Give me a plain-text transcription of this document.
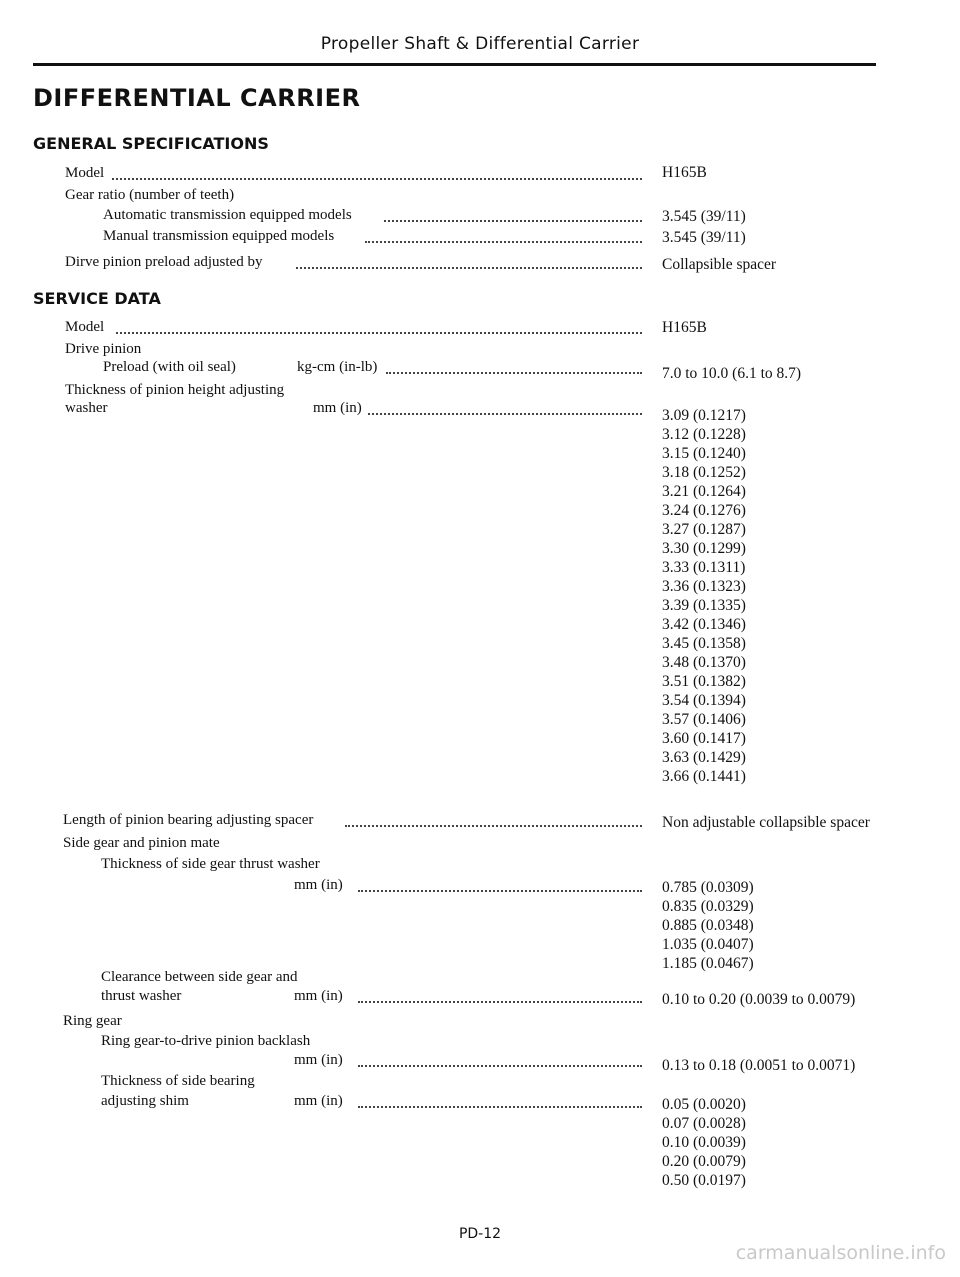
Propeller Shaft & Differential Carrier
DIFFERENTIAL CARRIER
GENERAL SPECIFICATIONS
Model	H165B
Gear ratio (number of teeth)
Automatic transmission equipped models	3.545 (39/11)
Manual transmission equipped models	3.545 (39/11)
Dirve pinion preload adjusted by	Collapsible spacer
SERVICE DATA
Model	H165B
Drive pinion
Preload (with oil seal)	kg-cm (in-lb)	7.0 to 10.0 (6.1 to 8.7)
Thickness of pinion height adjusting
washer	mm (in)	3.09 (0.1217)
3.12 (0.1228)
3.15 (0.1240)
3.18 (0.1252)
3.21 (0.1264)
3.24 (0.1276)
3.27 (0.1287)
3.30 (0.1299)
3.33 (0.1311)
3.36 (0.1323)
3.39 (0.1335)
3.42 (0.1346)
3.45 (0.1358)
3.48 (0.1370)
3.51 (0.1382)
3.54 (0.1394)
3.57 (0.1406)
3.60 (0.1417)
3.63 (0.1429)
3.66 (0.1441)
Length of pinion bearing adjusting spacer	Non adjustable collapsible spacer
Side gear and pinion mate
Thickness of side gear thrust washer
mm (in)	0.785 (0.0309)
0.835 (0.0329)
0.885 (0.0348)
1.035 (0.0407)
1.185 (0.0467)
Clearance between side gear and
thrust washer	mm (in)	0.10 to 0.20 (0.0039 to 0.0079)
Ring gear
Ring gear-to-drive pinion backlash
mm (in)	0.13 to 0.18 (0.0051 to 0.0071)
Thickness of side bearing
adjusting shim	mm (in)	0.05 (0.0020)
0.07 (0.0028)
0.10 (0.0039)
0.20 (0.0079)
0.50 (0.0197)
PD-12
carmanualsonline.info
